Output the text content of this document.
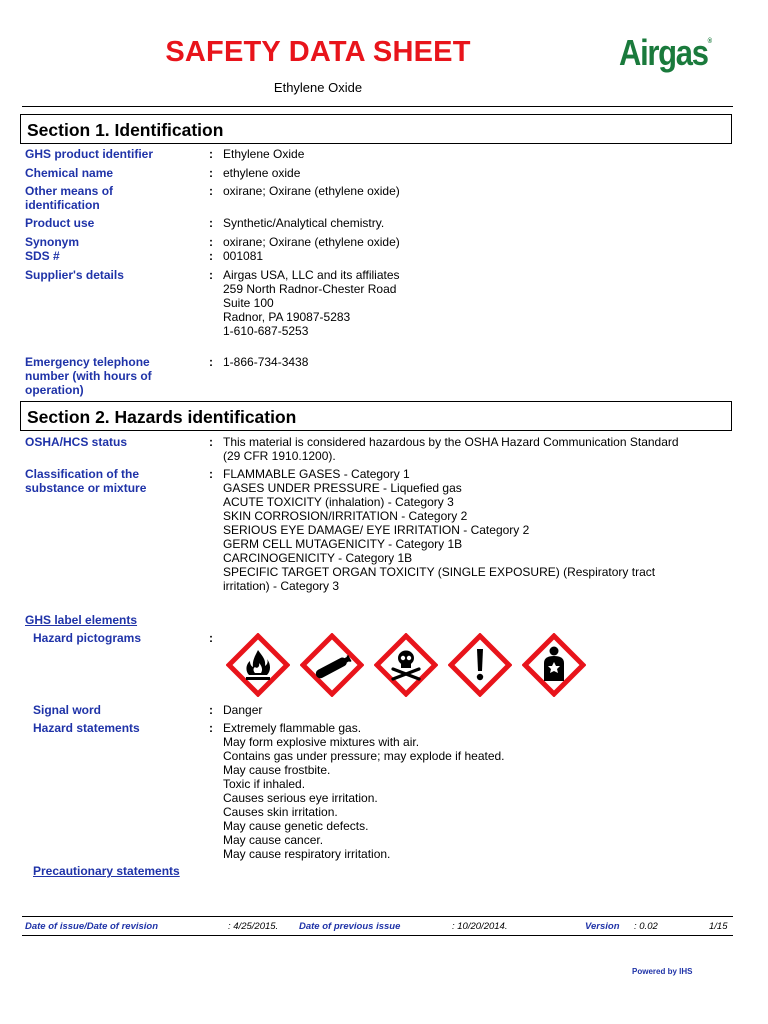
SAFETY DATA SHEET
Ethylene Oxide
Airgas®
Section 1. Identification
GHS product identifier	: Ethylene Oxide
Chemical name	: ethylene oxide
Other means of identification
: oxirane; Oxirane (ethylene oxide)
Product use	: Synthetic/Analytical chemistry.
Synonym	: oxirane; Oxirane (ethylene oxide)
SDS #	: 001081
Supplier's details	: Airgas USA, LLC and its affiliates
259 North Radnor-Chester Road
Suite 100
Radnor, PA 19087-5283
1-610-687-5253
Emergency telephone number (with hours of operation)
: 1-866-734-3438
Section 2. Hazards identification
OSHA/HCS status	: This material is considered hazardous by the OSHA Hazard Communication Standard
(29 CFR 1910.1200).
Classification of the substance or mixture
: FLAMMABLE GASES - Category 1
GASES UNDER PRESSURE - Liquefied gas
ACUTE TOXICITY (inhalation) - Category 3
SKIN CORROSION/IRRITATION - Category 2
SERIOUS EYE DAMAGE/ EYE IRRITATION - Category 2
GERM CELL MUTAGENICITY - Category 1B
CARCINOGENICITY - Category 1B
SPECIFIC TARGET ORGAN TOXICITY (SINGLE EXPOSURE) (Respiratory tract
irritation) - Category 3
GHS label elements
Hazard pictograms	:
Signal word	: Danger
Hazard statements	: Extremely flammable gas.
May form explosive mixtures with air.
Contains gas under pressure; may explode if heated.
May cause frostbite.
Toxic if inhaled.
Causes serious eye irritation.
Causes skin irritation.
May cause genetic defects.
May cause cancer.
May cause respiratory irritation.
Precautionary statements
Date of issue/Date of revision	: 4/25/2015. Date of previous issue	: 10/20/2014.	Version : 0.02	1/15
Powered by IHS
